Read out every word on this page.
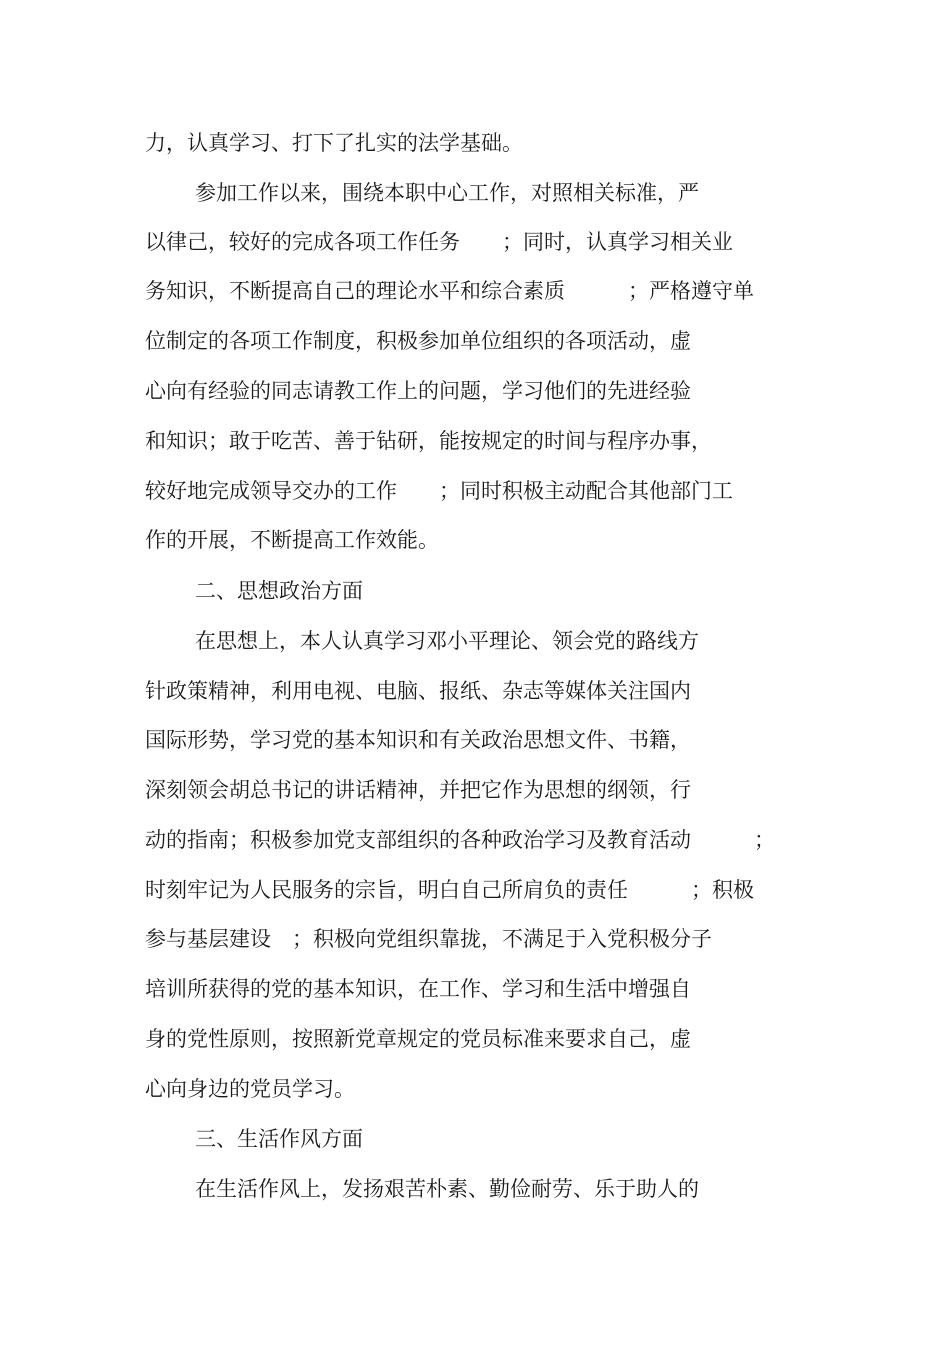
力，认真学习、打下了扎实的法学基础。

参加工作以来，围绕本职中心工作，对照相关标准，严

以律己，较好的完成各项工作任务　　；同时，认真学习相关业

务知识，不断提高自己的理论水平和综合素质　　　；严格遵守单

位制定的各项工作制度，积极参加单位组织的各项活动，虚

心向有经验的同志请教工作上的问题，学习他们的先进经验

和知识；敢于吃苦、善于钻研，能按规定的时间与程序办事，

较好地完成领导交办的工作　　；同时积极主动配合其他部门工

作的开展，不断提高工作效能。

二、思想政治方面

在思想上，本人认真学习邓小平理论、领会党的路线方

针政策精神，利用电视、电脑、报纸、杂志等媒体关注国内

国际形势，学习党的基本知识和有关政治思想文件、书籍，

深刻领会胡总书记的讲话精神，并把它作为思想的纲领，行

动的指南；积极参加党支部组织的各种政治学习及教育活动　　　；

时刻牢记为人民服务的宗旨，明白自己所肩负的责任　　　；积极

参与基层建设　；积极向党组织靠拢，不满足于入党积极分子

培训所获得的党的基本知识，在工作、学习和生活中增强自

身的党性原则，按照新党章规定的党员标准来要求自己，虚

心向身边的党员学习。

三、生活作风方面

在生活作风上，发扬艰苦朴素、勤俭耐劳、乐于助人的
